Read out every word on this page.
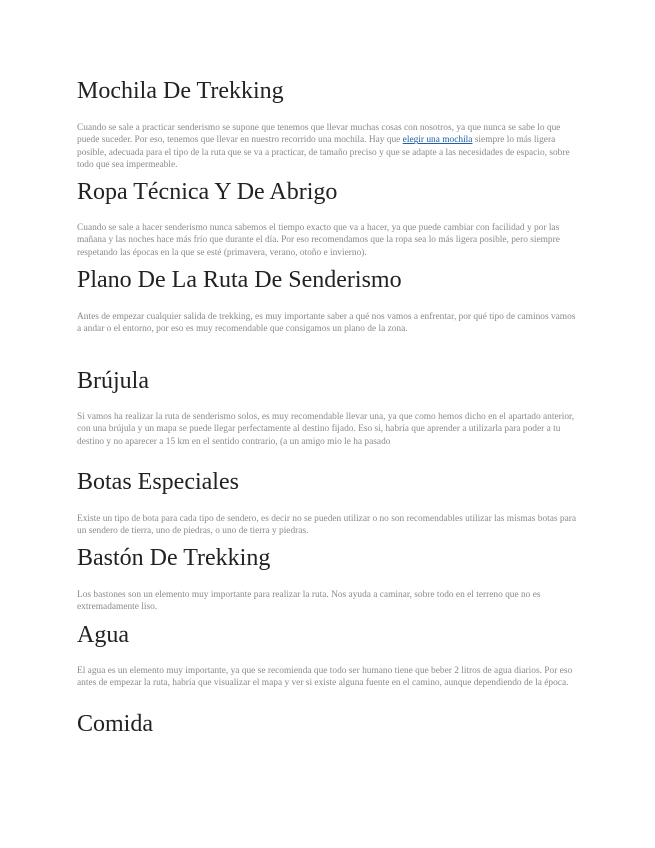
Mochila De Trekking

Cuando se sale a practicar senderismo se supone que tenemos que llevar muchas cosas con nosotros, ya que nunca se sabe lo que puede suceder. Por eso, tenemos que llevar en nuestro recorrido una mochila. Hay que elegir una mochila siempre lo más ligera posible, adecuada para el tipo de la ruta que se va a practicar, de tamaño preciso y que se adapte a las necesidades de espacio, sobre todo que sea impermeable.

Ropa Técnica Y De Abrigo

Cuando se sale a hacer senderismo nunca sabemos el tiempo exacto que va a hacer, ya que puede cambiar con facilidad y por las mañana y las noches hace más frío que durante el día. Por eso recomendamos que la ropa sea lo más ligera posible, pero siempre respetando las épocas en la que se esté (primavera, verano, otoño e invierno).

Plano De La Ruta De Senderismo

Antes de empezar cualquier salida de trekking, es muy importante saber a qué nos vamos a enfrentar, por qué tipo de caminos vamos a andar o el entorno, por eso es muy recomendable que consigamos un plano de la zona.

Brújula

Si vamos ha realizar la ruta de senderismo solos, es muy recomendable llevar una, ya que como hemos dicho en el apartado anterior, con una brújula y un mapa se puede llegar perfectamente al destino fijado. Eso si, habría que aprender a utilizarla para poder a tu destino y no aparecer a 15 km en el sentido contrario, (a un amigo mio le ha pasado

Botas Especiales

Existe un tipo de bota para cada tipo de sendero, es decir no se pueden utilizar o no son recomendables utilizar las mismas botas para un sendero de tierra, uno de piedras, o uno de tierra y piedras.

Bastón De Trekking

Los bastones son un elemento muy importante para realizar la ruta. Nos ayuda a caminar, sobre todo en el terreno que no es extremadamente liso.

Agua

El agua es un elemento muy importante, ya que se recomienda que todo ser humano tiene que beber 2 litros de agua diarios. Por eso antes de empezar la ruta, habría que visualizar el mapa y ver si existe alguna fuente en el camino, aunque dependiendo de la época.

Comida
